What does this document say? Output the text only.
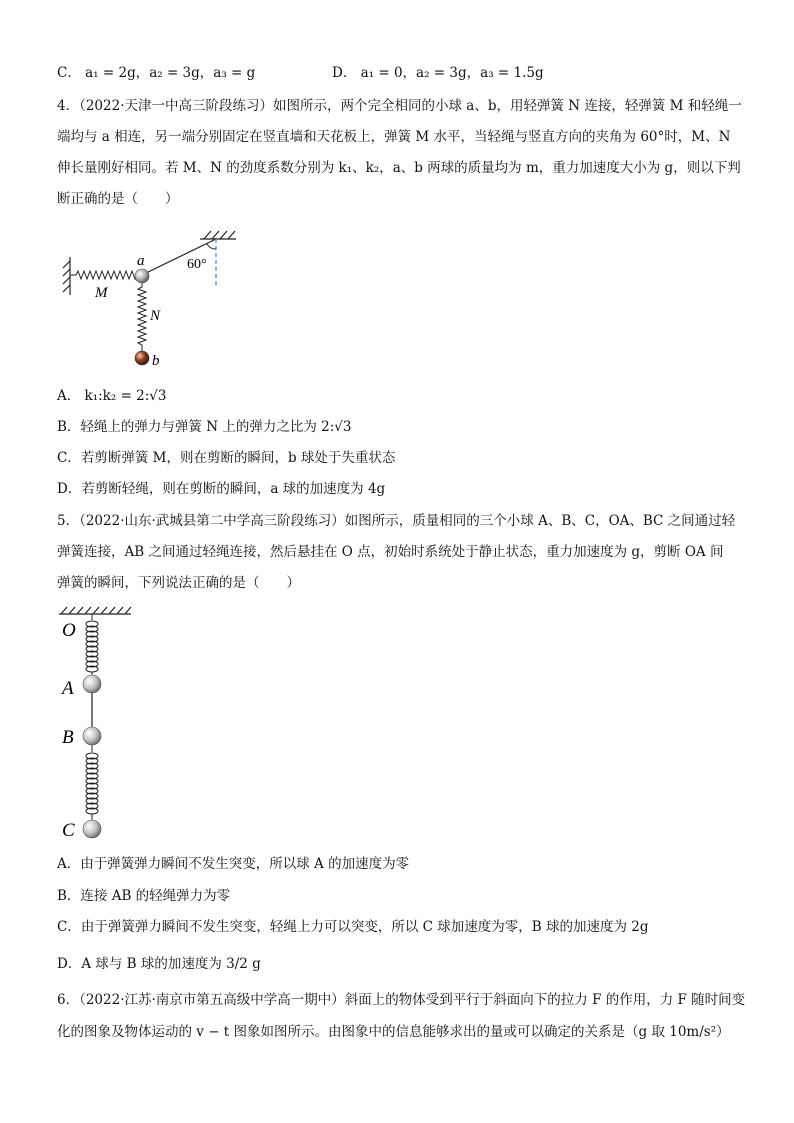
C． a₁ = 2g，a₂ = 3g，a₃ = g	D． a₁ = 0，a₂ = 3g，a₃ = 1.5g
4．（2022·天津一中高三阶段练习）如图所示，两个完全相同的小球 a、b，用轻弹簧 N 连接，轻弹簧 M 和轻绳一
端均与 a 相连，另一端分别固定在竖直墙和天花板上，弹簧 M 水平，当轻绳与竖直方向的夹角为 60°时，M、N
伸长量刚好相同。若 M、N 的劲度系数分别为 k₁、k₂，a、b 两球的质量均为 m，重力加速度大小为 g，则以下判
断正确的是（　　）
a
b
M
N
60°
A． k₁:k₂ = 2:√3
B．轻绳上的弹力与弹簧 N 上的弹力之比为 2:√3
C．若剪断弹簧 M，则在剪断的瞬间，b 球处于失重状态
D．若剪断轻绳，则在剪断的瞬间，a 球的加速度为 4g
5．（2022·山东·武城县第二中学高三阶段练习）如图所示，质量相同的三个小球 A、B、C，OA、BC 之间通过轻
弹簧连接，AB 之间通过轻绳连接，然后悬挂在 O 点，初始时系统处于静止状态，重力加速度为 g，剪断 OA 间
弹簧的瞬间，下列说法正确的是（　　）
O
A
B
C
A．由于弹簧弹力瞬间不发生突变，所以球 A 的加速度为零
B．连接 AB 的轻绳弹力为零
C．由于弹簧弹力瞬间不发生突变，轻绳上力可以突变，所以 C 球加速度为零，B 球的加速度为 2g
D．A 球与 B 球的加速度为 3/2 g
6．（2022·江苏·南京市第五高级中学高一期中）斜面上的物体受到平行于斜面向下的拉力 F 的作用，力 F 随时间变
化的图象及物体运动的 v − t 图象如图所示。由图象中的信息能够求出的量或可以确定的关系是（g 取 10m/s²）
